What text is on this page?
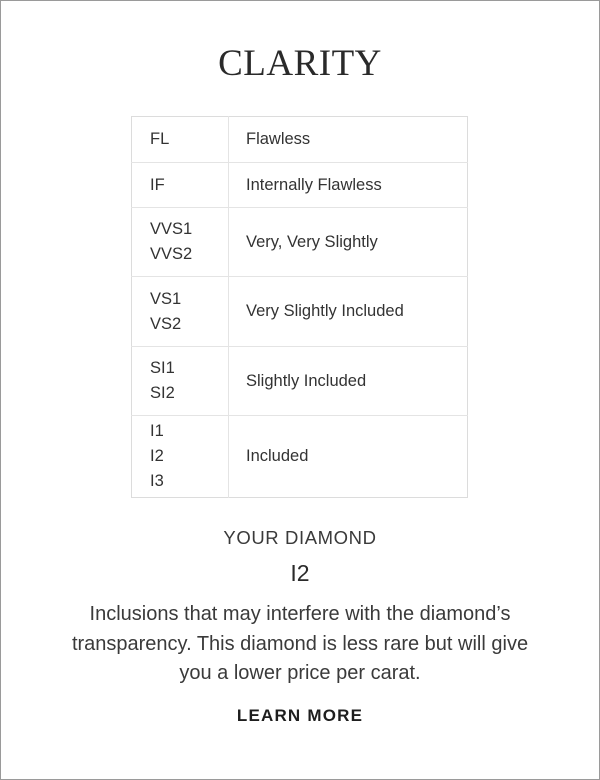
CLARITY
FL	Flawless

IF	Internally Flawless

VVS1
VVS2	Very, Very Slightly

VS1
VS2	Very Slightly Included

SI1
SI2	Slightly Included

I1
I2
I3	Included
YOUR DIAMOND
I2
Inclusions that may interfere with the diamond’s transparency. This diamond is less rare but will give you a lower price per carat.
LEARN MORE
